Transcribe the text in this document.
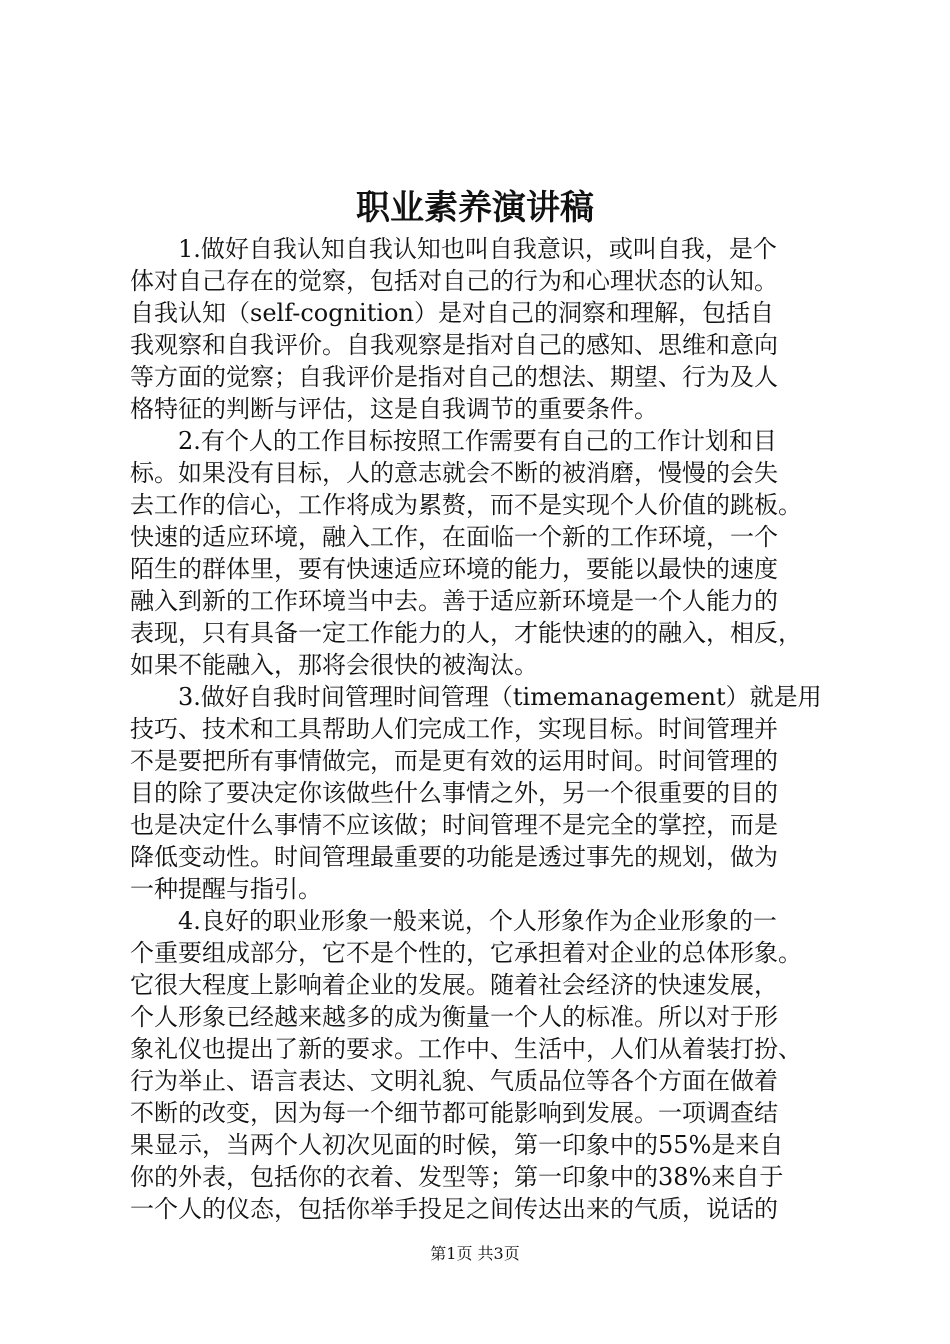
职业素养演讲稿
1.做好自我认知自我认知也叫自我意识，或叫自我，是个
体对自己存在的觉察，包括对自己的行为和心理状态的认知。
自我认知（self-cognition）是对自己的洞察和理解，包括自
我观察和自我评价。自我观察是指对自己的感知、思维和意向
等方面的觉察；自我评价是指对自己的想法、期望、行为及人
格特征的判断与评估，这是自我调节的重要条件。
2.有个人的工作目标按照工作需要有自己的工作计划和目
标。如果没有目标，人的意志就会不断的被消磨，慢慢的会失
去工作的信心，工作将成为累赘，而不是实现个人价值的跳板。
快速的适应环境，融入工作，在面临一个新的工作环境，一个
陌生的群体里，要有快速适应环境的能力，要能以最快的速度
融入到新的工作环境当中去。善于适应新环境是一个人能力的
表现，只有具备一定工作能力的人，才能快速的的融入，相反，
如果不能融入，那将会很快的被淘汰。
3.做好自我时间管理时间管理（timemanagement）就是用
技巧、技术和工具帮助人们完成工作，实现目标。时间管理并
不是要把所有事情做完，而是更有效的运用时间。时间管理的
目的除了要决定你该做些什么事情之外，另一个很重要的目的
也是决定什么事情不应该做；时间管理不是完全的掌控，而是
降低变动性。时间管理最重要的功能是透过事先的规划，做为
一种提醒与指引。
4.良好的职业形象一般来说，个人形象作为企业形象的一
个重要组成部分，它不是个性的，它承担着对企业的总体形象。
它很大程度上影响着企业的发展。随着社会经济的快速发展，
个人形象已经越来越多的成为衡量一个人的标准。所以对于形
象礼仪也提出了新的要求。工作中、生活中，人们从着装打扮、
行为举止、语言表达、文明礼貌、气质品位等各个方面在做着
不断的改变，因为每一个细节都可能影响到发展。一项调查结
果显示，当两个人初次见面的时候，第一印象中的55%是来自
你的外表，包括你的衣着、发型等；第一印象中的38%来自于
一个人的仪态，包括你举手投足之间传达出来的气质，说话的
第1页 共3页
